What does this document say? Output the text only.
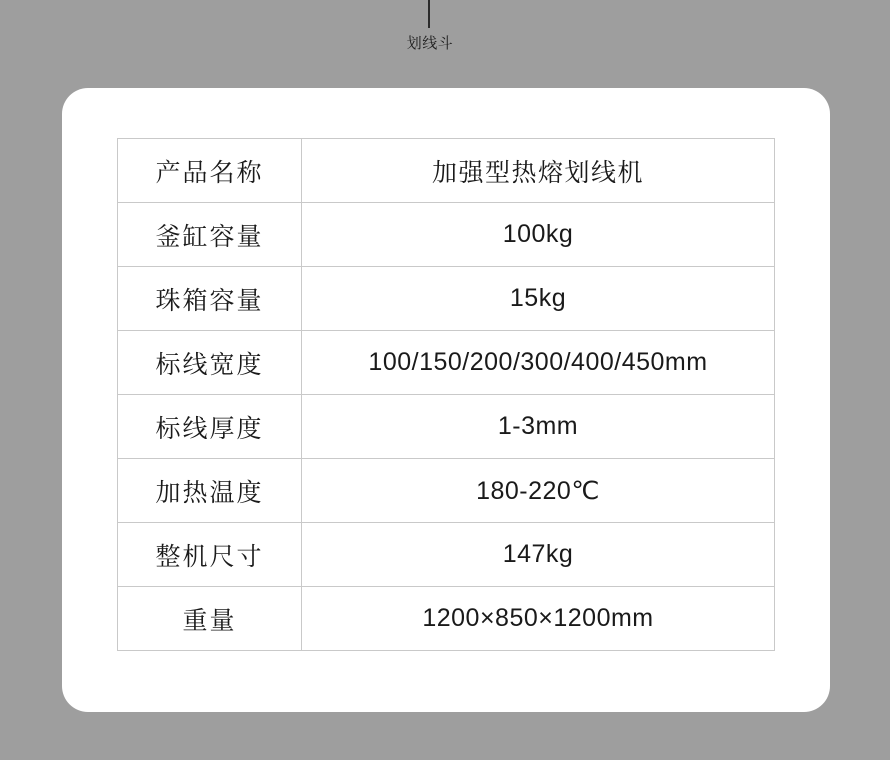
划线斗
产品名称	加强型热熔划线机
釜缸容量	100kg
珠箱容量	15kg
标线宽度	100/150/200/300/400/450mm
标线厚度	1-3mm
加热温度	180-220℃
整机尺寸	147kg
重量	1200×850×1200mm
